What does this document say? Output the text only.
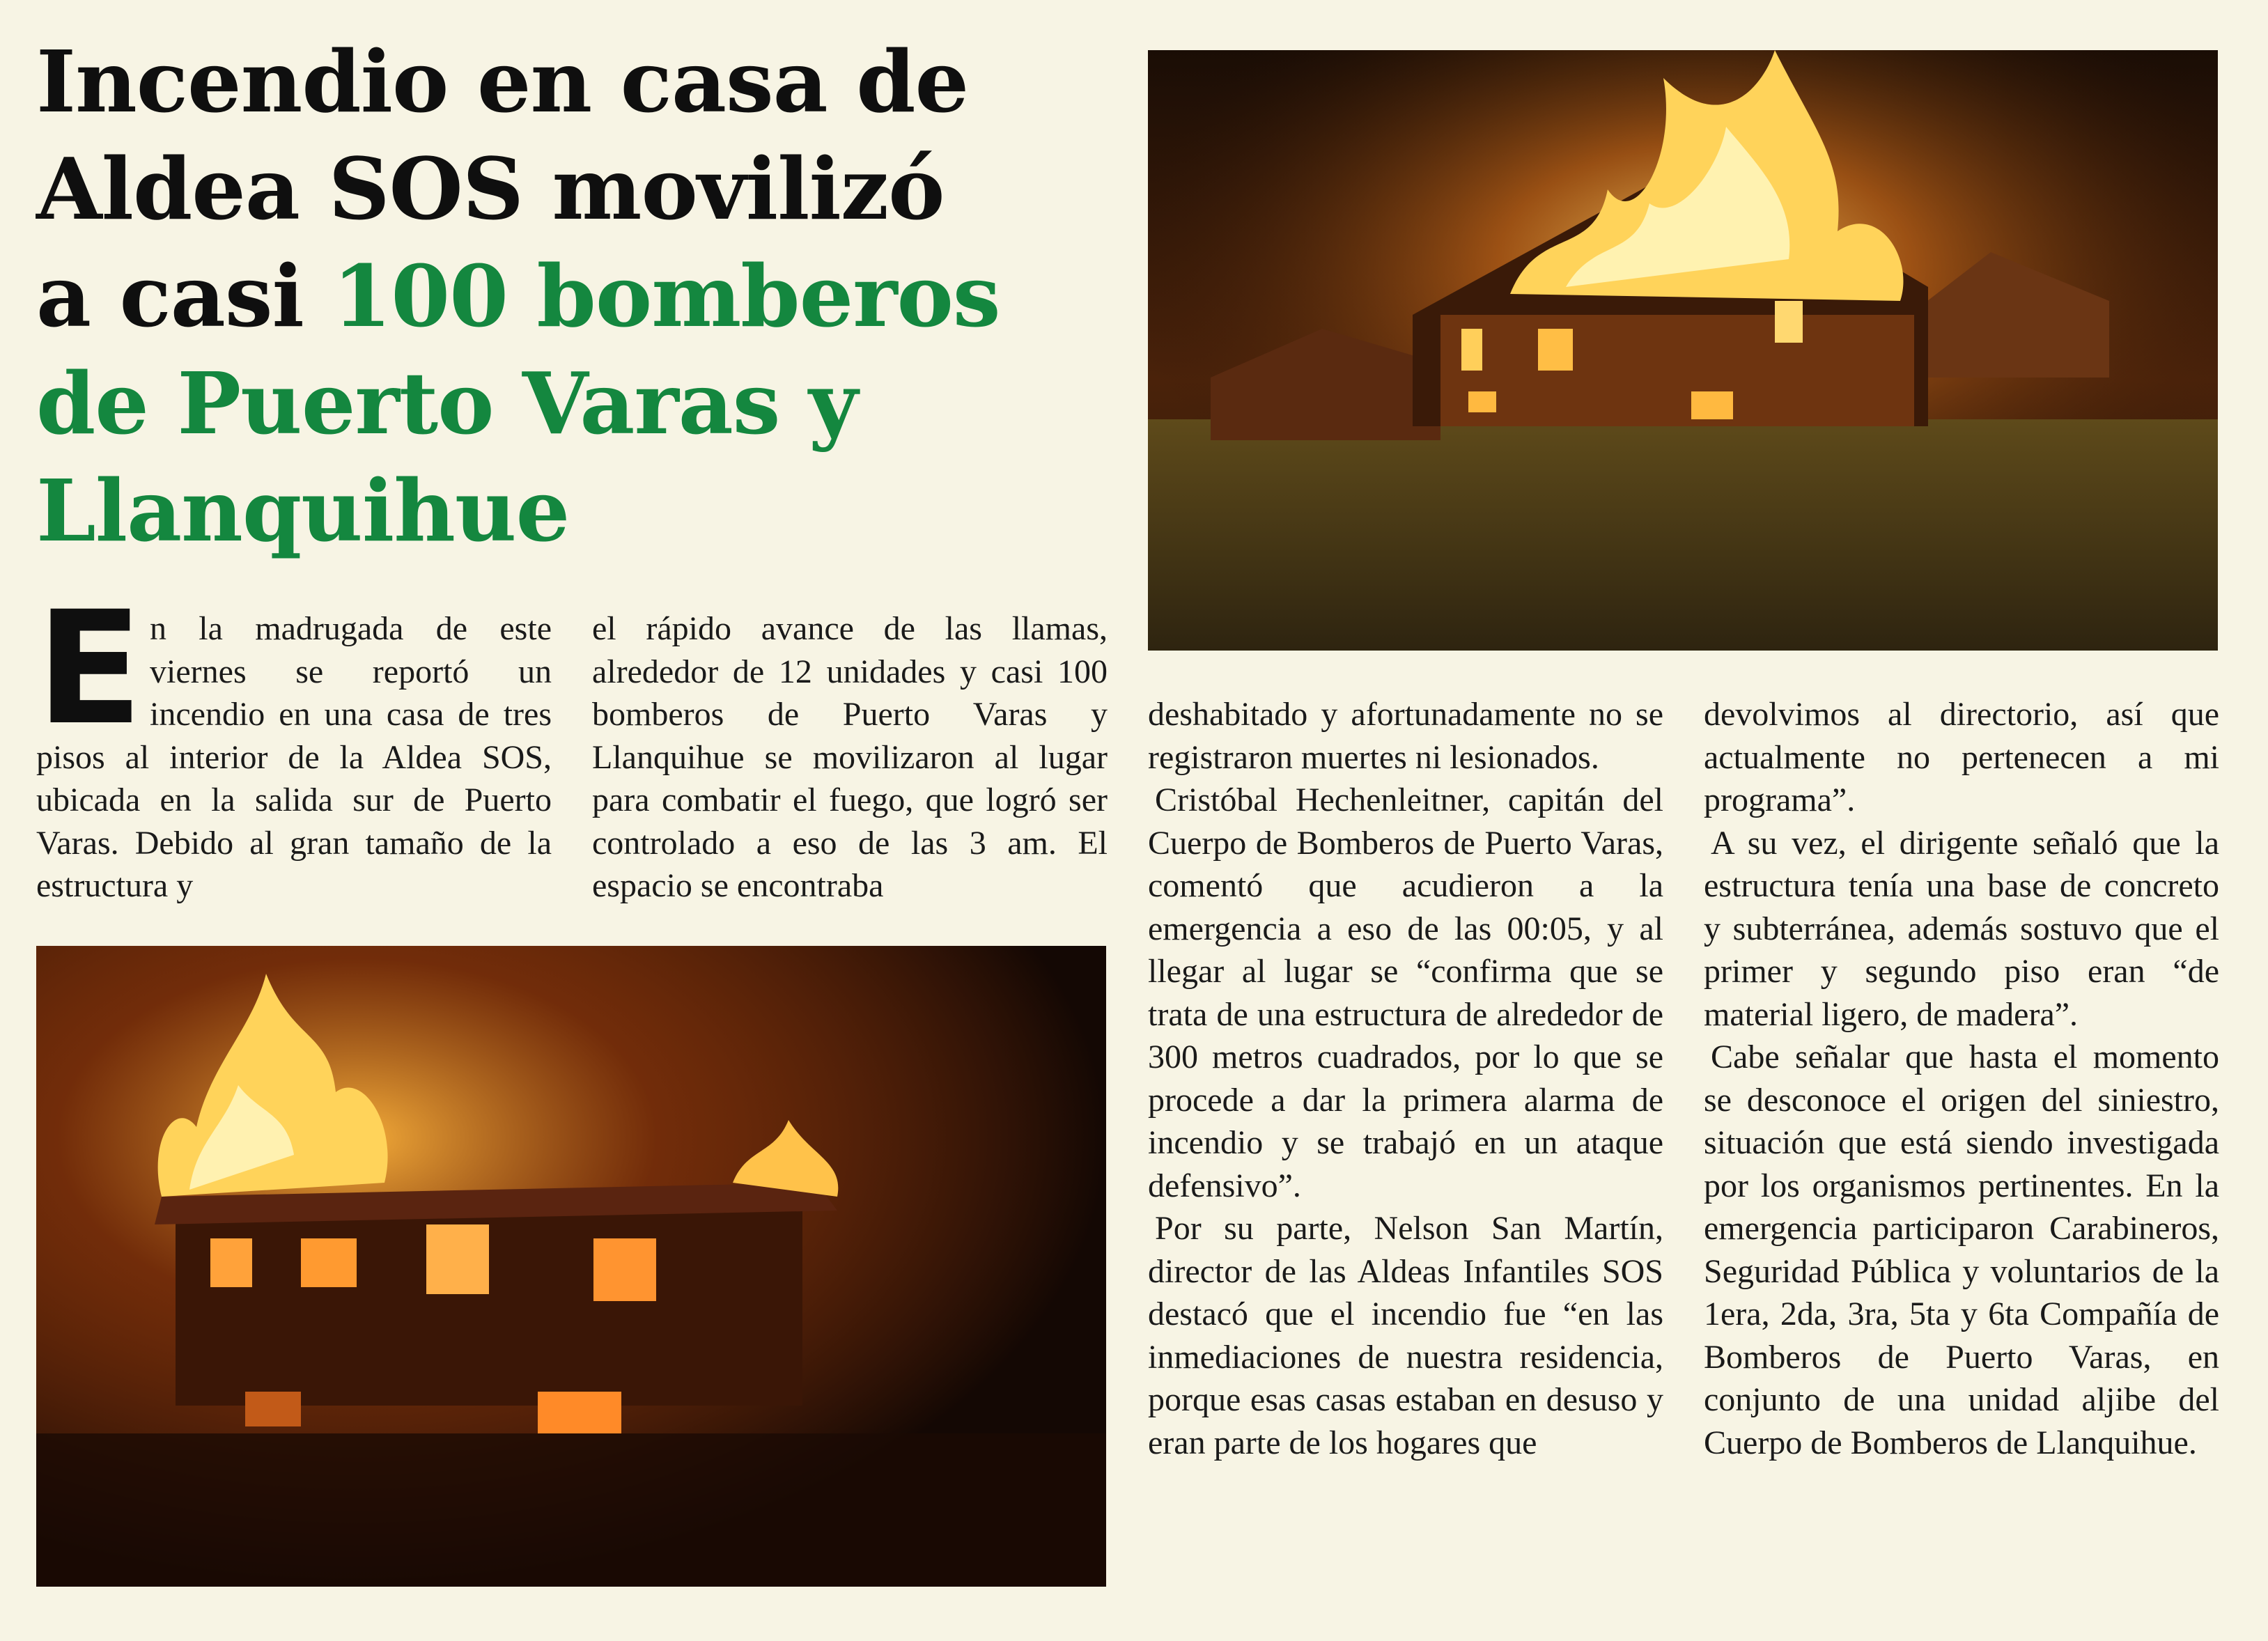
Incendio en casa de
Aldea SOS movilizó
a casi 100 bomberos
de Puerto Varas y
Llanquihue

En la madrugada de este viernes se reportó un incendio en una casa de tres pisos al interior de la Aldea SOS, ubicada en la salida sur de Puerto Varas. Debido al gran tamaño de la estructura y

el rápido avance de las llamas, alrededor de 12 unidades y casi 100 bomberos de Puerto Varas y Llanquihue se movilizaron al lugar para combatir el fuego, que logró ser controlado a eso de las 3 am. El espacio se encontraba

deshabitado y afortunadamente no se registraron muertes ni lesionados.

Cristóbal Hechenleitner, capitán del Cuerpo de Bomberos de Puerto Varas, comentó que acudieron a la emergencia a eso de las 00:05, y al llegar al lugar se “confirma que se trata de una estructura de alrededor de 300 metros cuadrados, por lo que se procede a dar la primera alarma de incendio y se trabajó en un ataque defensivo”.

Por su parte, Nelson San Martín, director de las Aldeas Infantiles SOS destacó que el incendio fue “en las inmediaciones de nuestra residencia, porque esas casas estaban en desuso y eran parte de los hogares que

devolvimos al directorio, así que actualmente no pertenecen a mi programa”.

A su vez, el dirigente señaló que la estructura tenía una base de concreto y subterránea, además sostuvo que el primer y segundo piso eran “de material ligero, de madera”.

Cabe señalar que hasta el momento se desconoce el origen del siniestro, situación que está siendo investigada por los organismos pertinentes. En la emergencia participaron Carabineros, Seguridad Pública y voluntarios de la 1era, 2da, 3ra, 5ta y 6ta Compañía de Bomberos de Puerto Varas, en conjunto de una unidad aljibe del Cuerpo de Bomberos de Llanquihue.
